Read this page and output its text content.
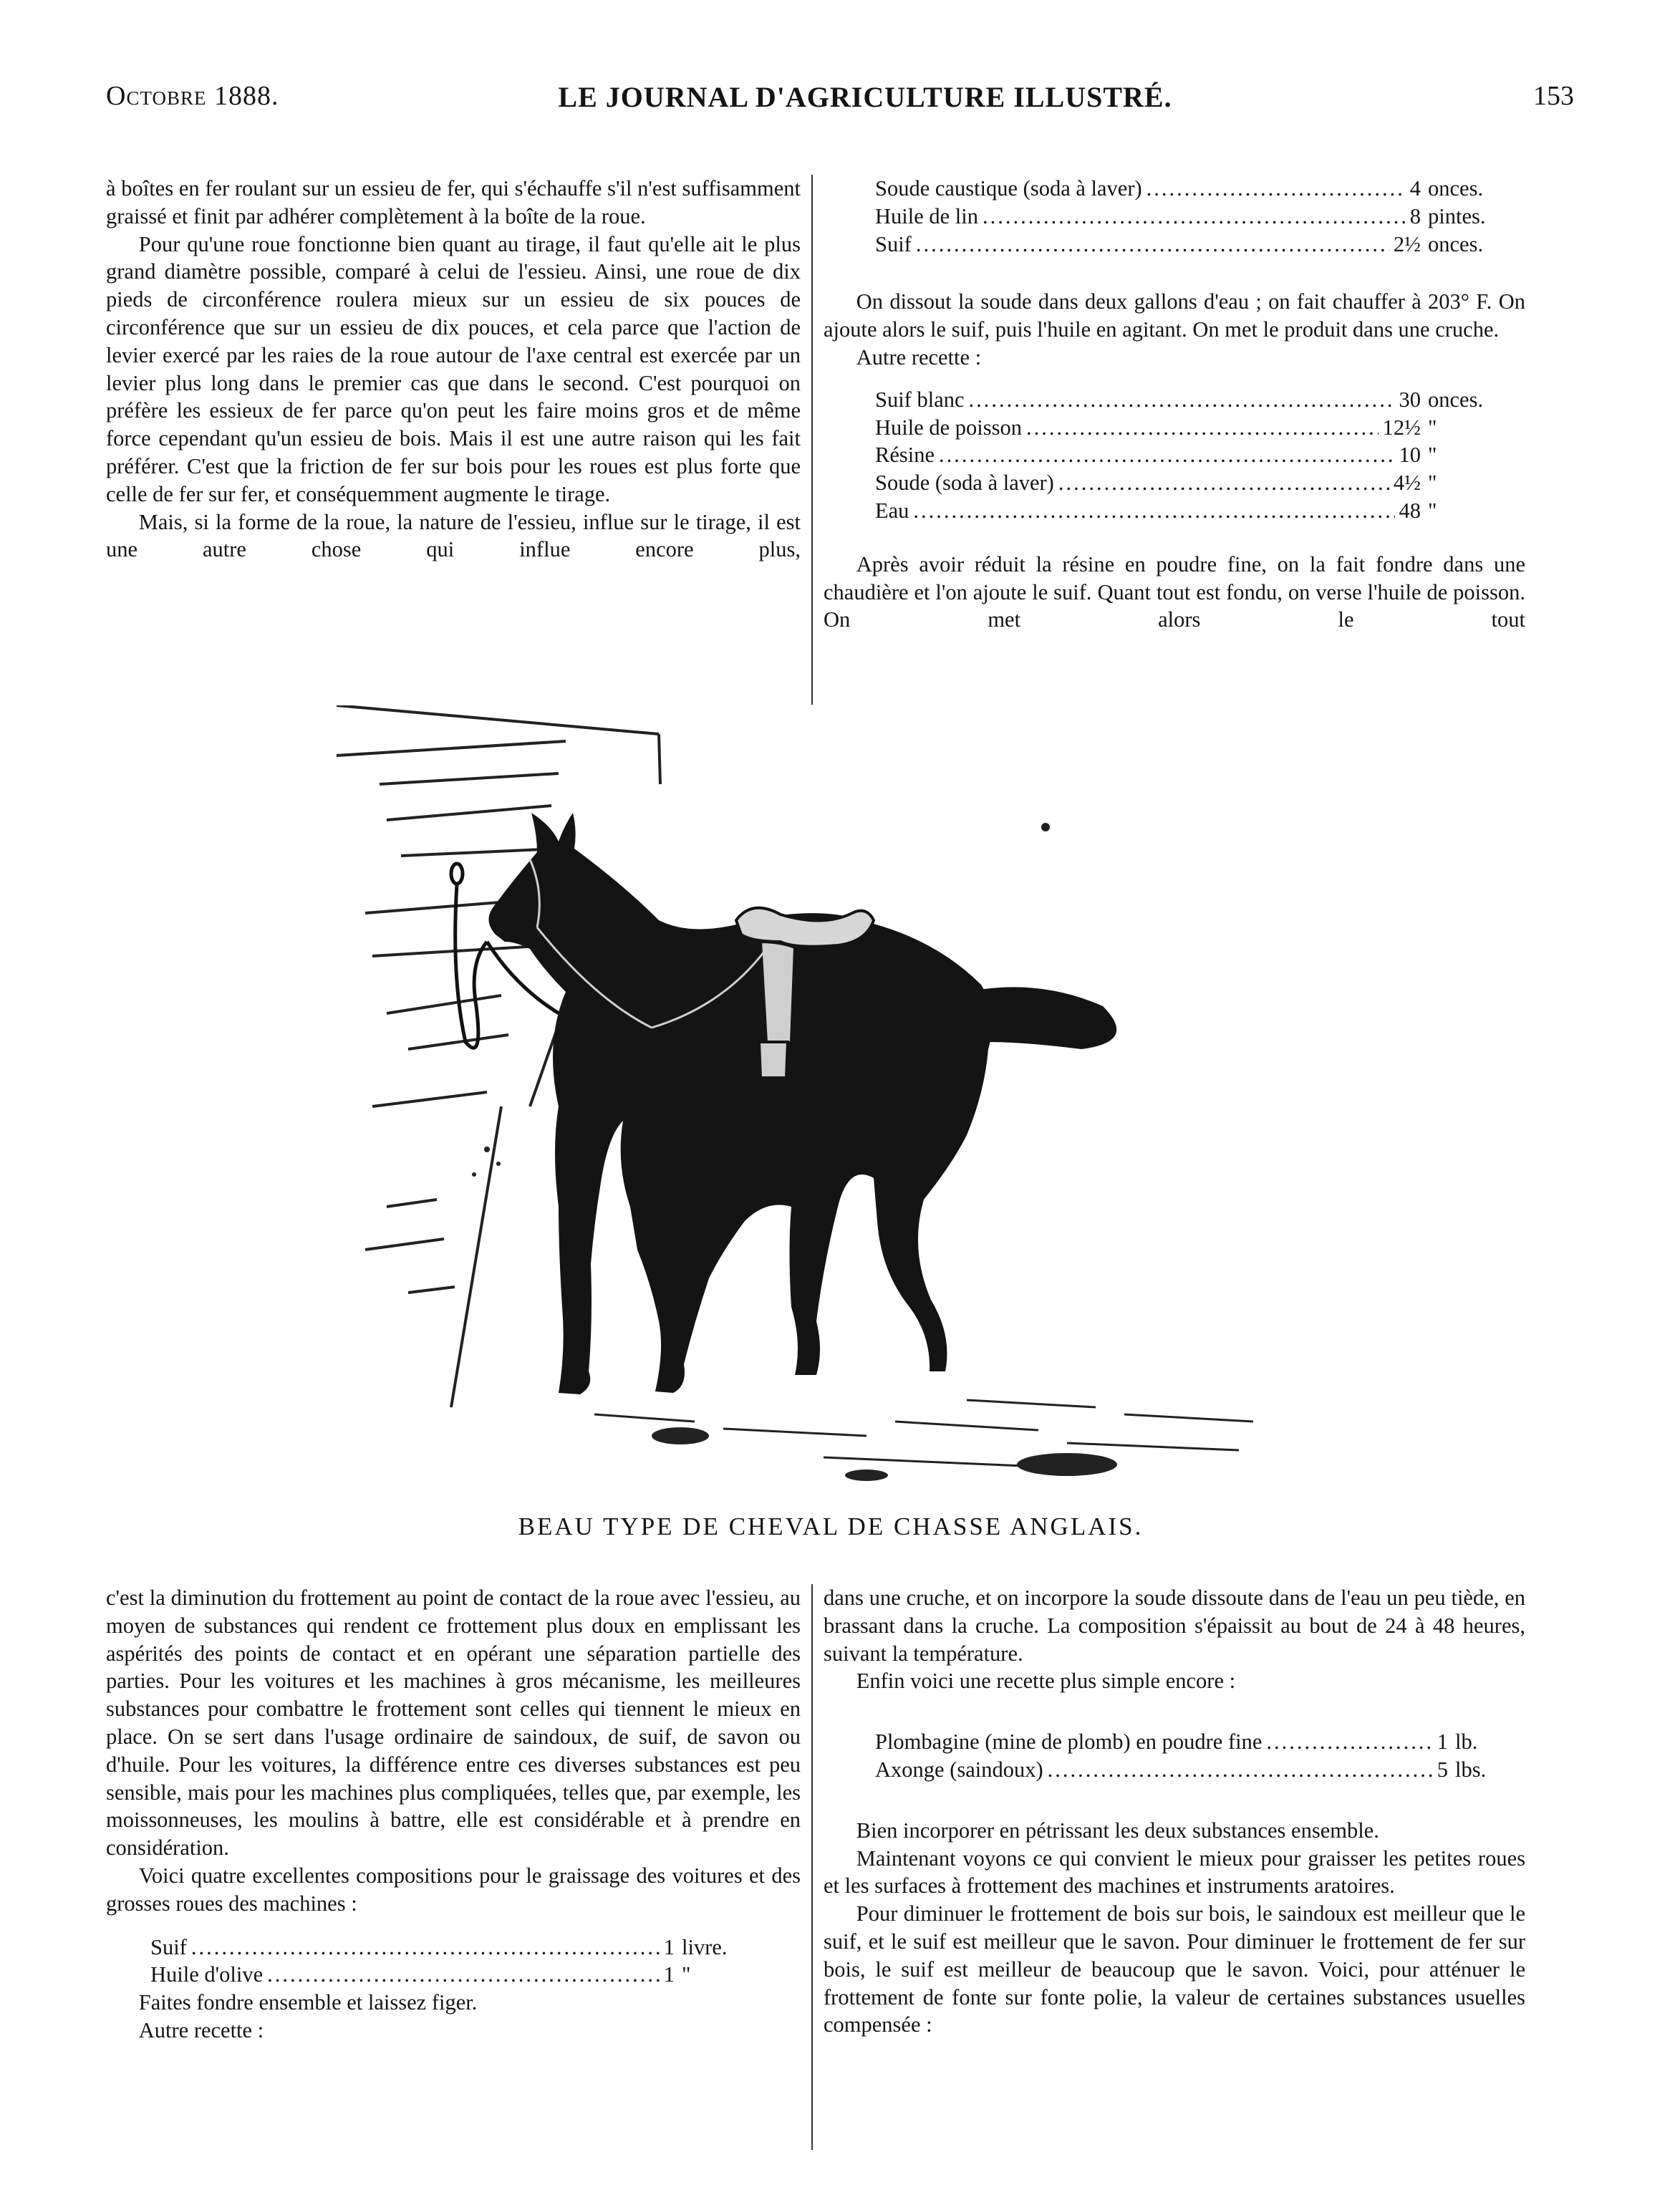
Octobre 1888.	LE JOURNAL D'AGRICULTURE ILLUSTRÉ.	153

à boîtes en fer roulant sur un essieu de fer, qui s'échauffe s'il n'est suffisamment graissé et finit par adhérer complètement à la boîte de la roue.

Pour qu'une roue fonctionne bien quant au tirage, il faut qu'elle ait le plus grand diamètre possible, comparé à celui de l'essieu. Ainsi, une roue de dix pieds de circonférence roulera mieux sur un essieu de six pouces de circonférence que sur un essieu de dix pouces, et cela parce que l'action de levier exercé par les raies de la roue autour de l'axe central est exercée par un levier plus long dans le premier cas que dans le second. C'est pourquoi on préfère les essieux de fer parce qu'on peut les faire moins gros et de même force cependant qu'un essieu de bois. Mais il est une autre raison qui les fait préférer. C'est que la friction de fer sur bois pour les roues est plus forte que celle de fer sur fer, et conséquemment augmente le tirage.

Mais, si la forme de la roue, la nature de l'essieu, influe sur le tirage, il est une autre chose qui influe encore plus,

Soude caustique (soda à laver) .....	4 onces.
Huile de lin .....	8 pintes.
Suif .....	2½ onces.

On dissout la soude dans deux gallons d'eau ; on fait chauffer à 203° F. On ajoute alors le suif, puis l'huile en agitant. On met le produit dans une cruche.

Autre recette :

Suif blanc .....	30 onces.
Huile de poisson .....	12½ "
Résine .....	10 "
Soude (soda à laver) .....	4½ "
Eau .....	48 "

Après avoir réduit la résine en poudre fine, on la fait fondre dans une chaudière et l'on ajoute le suif. Quant tout est fondu, on verse l'huile de poisson. On met alors le tout

BEAU TYPE DE CHEVAL DE CHASSE ANGLAIS.

c'est la diminution du frottement au point de contact de la roue avec l'essieu, au moyen de substances qui rendent ce frottement plus doux en emplissant les aspérités des points de contact et en opérant une séparation partielle des parties. Pour les voitures et les machines à gros mécanisme, les meilleures substances pour combattre le frottement sont celles qui tiennent le mieux en place. On se sert dans l'usage ordinaire de saindoux, de suif, de savon ou d'huile. Pour les voitures, la différence entre ces diverses substances est peu sensible, mais pour les machines plus compliquées, telles que, par exemple, les moissonneuses, les moulins à battre, elle est considérable et à prendre en considération.

Voici quatre excellentes compositions pour le graissage des voitures et des grosses roues des machines :

Suif .....	1 livre.
Huile d'olive .....	1 "

Faites fondre ensemble et laissez figer.

Autre recette :

dans une cruche, et on incorpore la soude dissoute dans de l'eau un peu tiède, en brassant dans la cruche. La composition s'épaissit au bout de 24 à 48 heures, suivant la température.

Enfin voici une recette plus simple encore :

Plombagine (mine de plomb) en poudre fine .....	1 lb.
Axonge (saindoux) .....	5 lbs.

Bien incorporer en pétrissant les deux substances ensemble.

Maintenant voyons ce qui convient le mieux pour graisser les petites roues et les surfaces à frottement des machines et instruments aratoires.

Pour diminuer le frottement de bois sur bois, le saindoux est meilleur que le suif, et le suif est meilleur que le savon. Pour diminuer le frottement de fer sur bois, le suif est meilleur de beaucoup que le savon. Voici, pour atténuer le frottement de fonte sur fonte polie, la valeur de certaines substances usuelles compensée :
